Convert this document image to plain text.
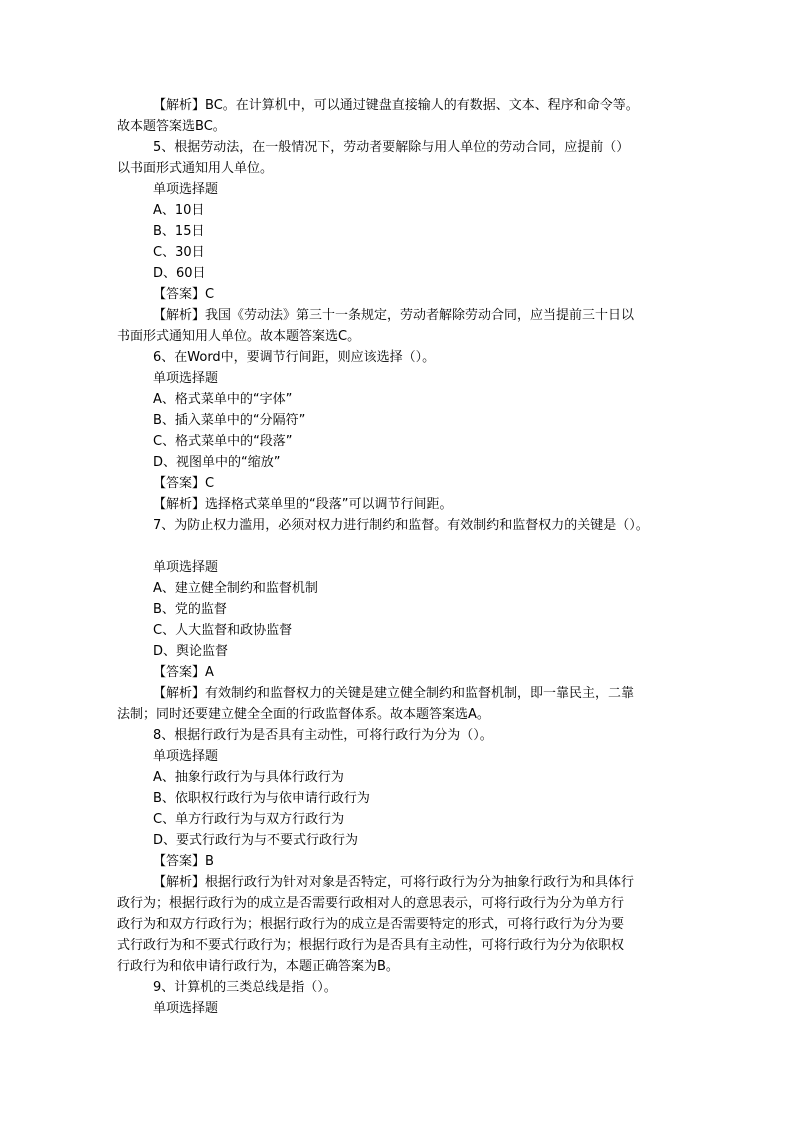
【解析】BC。在计算机中，可以通过键盘直接输人的有数据、文本、程序和命令等。
故本题答案选BC。
5、根据劳动法，在一般情况下，劳动者要解除与用人单位的劳动合同，应提前（）
以书面形式通知用人单位。
单项选择题
A、10日
B、15日
C、30日
D、60日
【答案】C
【解析】我国《劳动法》第三十一条规定，劳动者解除劳动合同，应当提前三十日以
书面形式通知用人单位。故本题答案选C。
6、在Word中，要调节行间距，则应该选择（）。
单项选择题
A、格式菜单中的“字体”
B、插入菜单中的“分隔符”
C、格式菜单中的“段落”
D、视图单中的“缩放”
【答案】C
【解析】选择格式菜单里的“段落”可以调节行间距。
7、为防止权力滥用，必须对权力进行制约和监督。有效制约和监督权力的关键是（）。
单项选择题
A、建立健全制约和监督机制
B、党的监督
C、人大监督和政协监督
D、舆论监督
【答案】A
【解析】有效制约和监督权力的关键是建立健全制约和监督机制，即一靠民主，二靠
法制；同时还要建立健全全面的行政监督体系。故本题答案选A。
8、根据行政行为是否具有主动性，可将行政行为分为（）。
单项选择题
A、抽象行政行为与具体行政行为
B、依职权行政行为与依申请行政行为
C、单方行政行为与双方行政行为
D、要式行政行为与不要式行政行为
【答案】B
【解析】根据行政行为针对对象是否特定，可将行政行为分为抽象行政行为和具体行
政行为；根据行政行为的成立是否需要行政相对人的意思表示，可将行政行为分为单方行
政行为和双方行政行为；根据行政行为的成立是否需要特定的形式，可将行政行为分为要
式行政行为和不要式行政行为；根据行政行为是否具有主动性，可将行政行为分为依职权
行政行为和依申请行政行为，本题正确答案为B。
9、计算机的三类总线是指（）。
单项选择题
